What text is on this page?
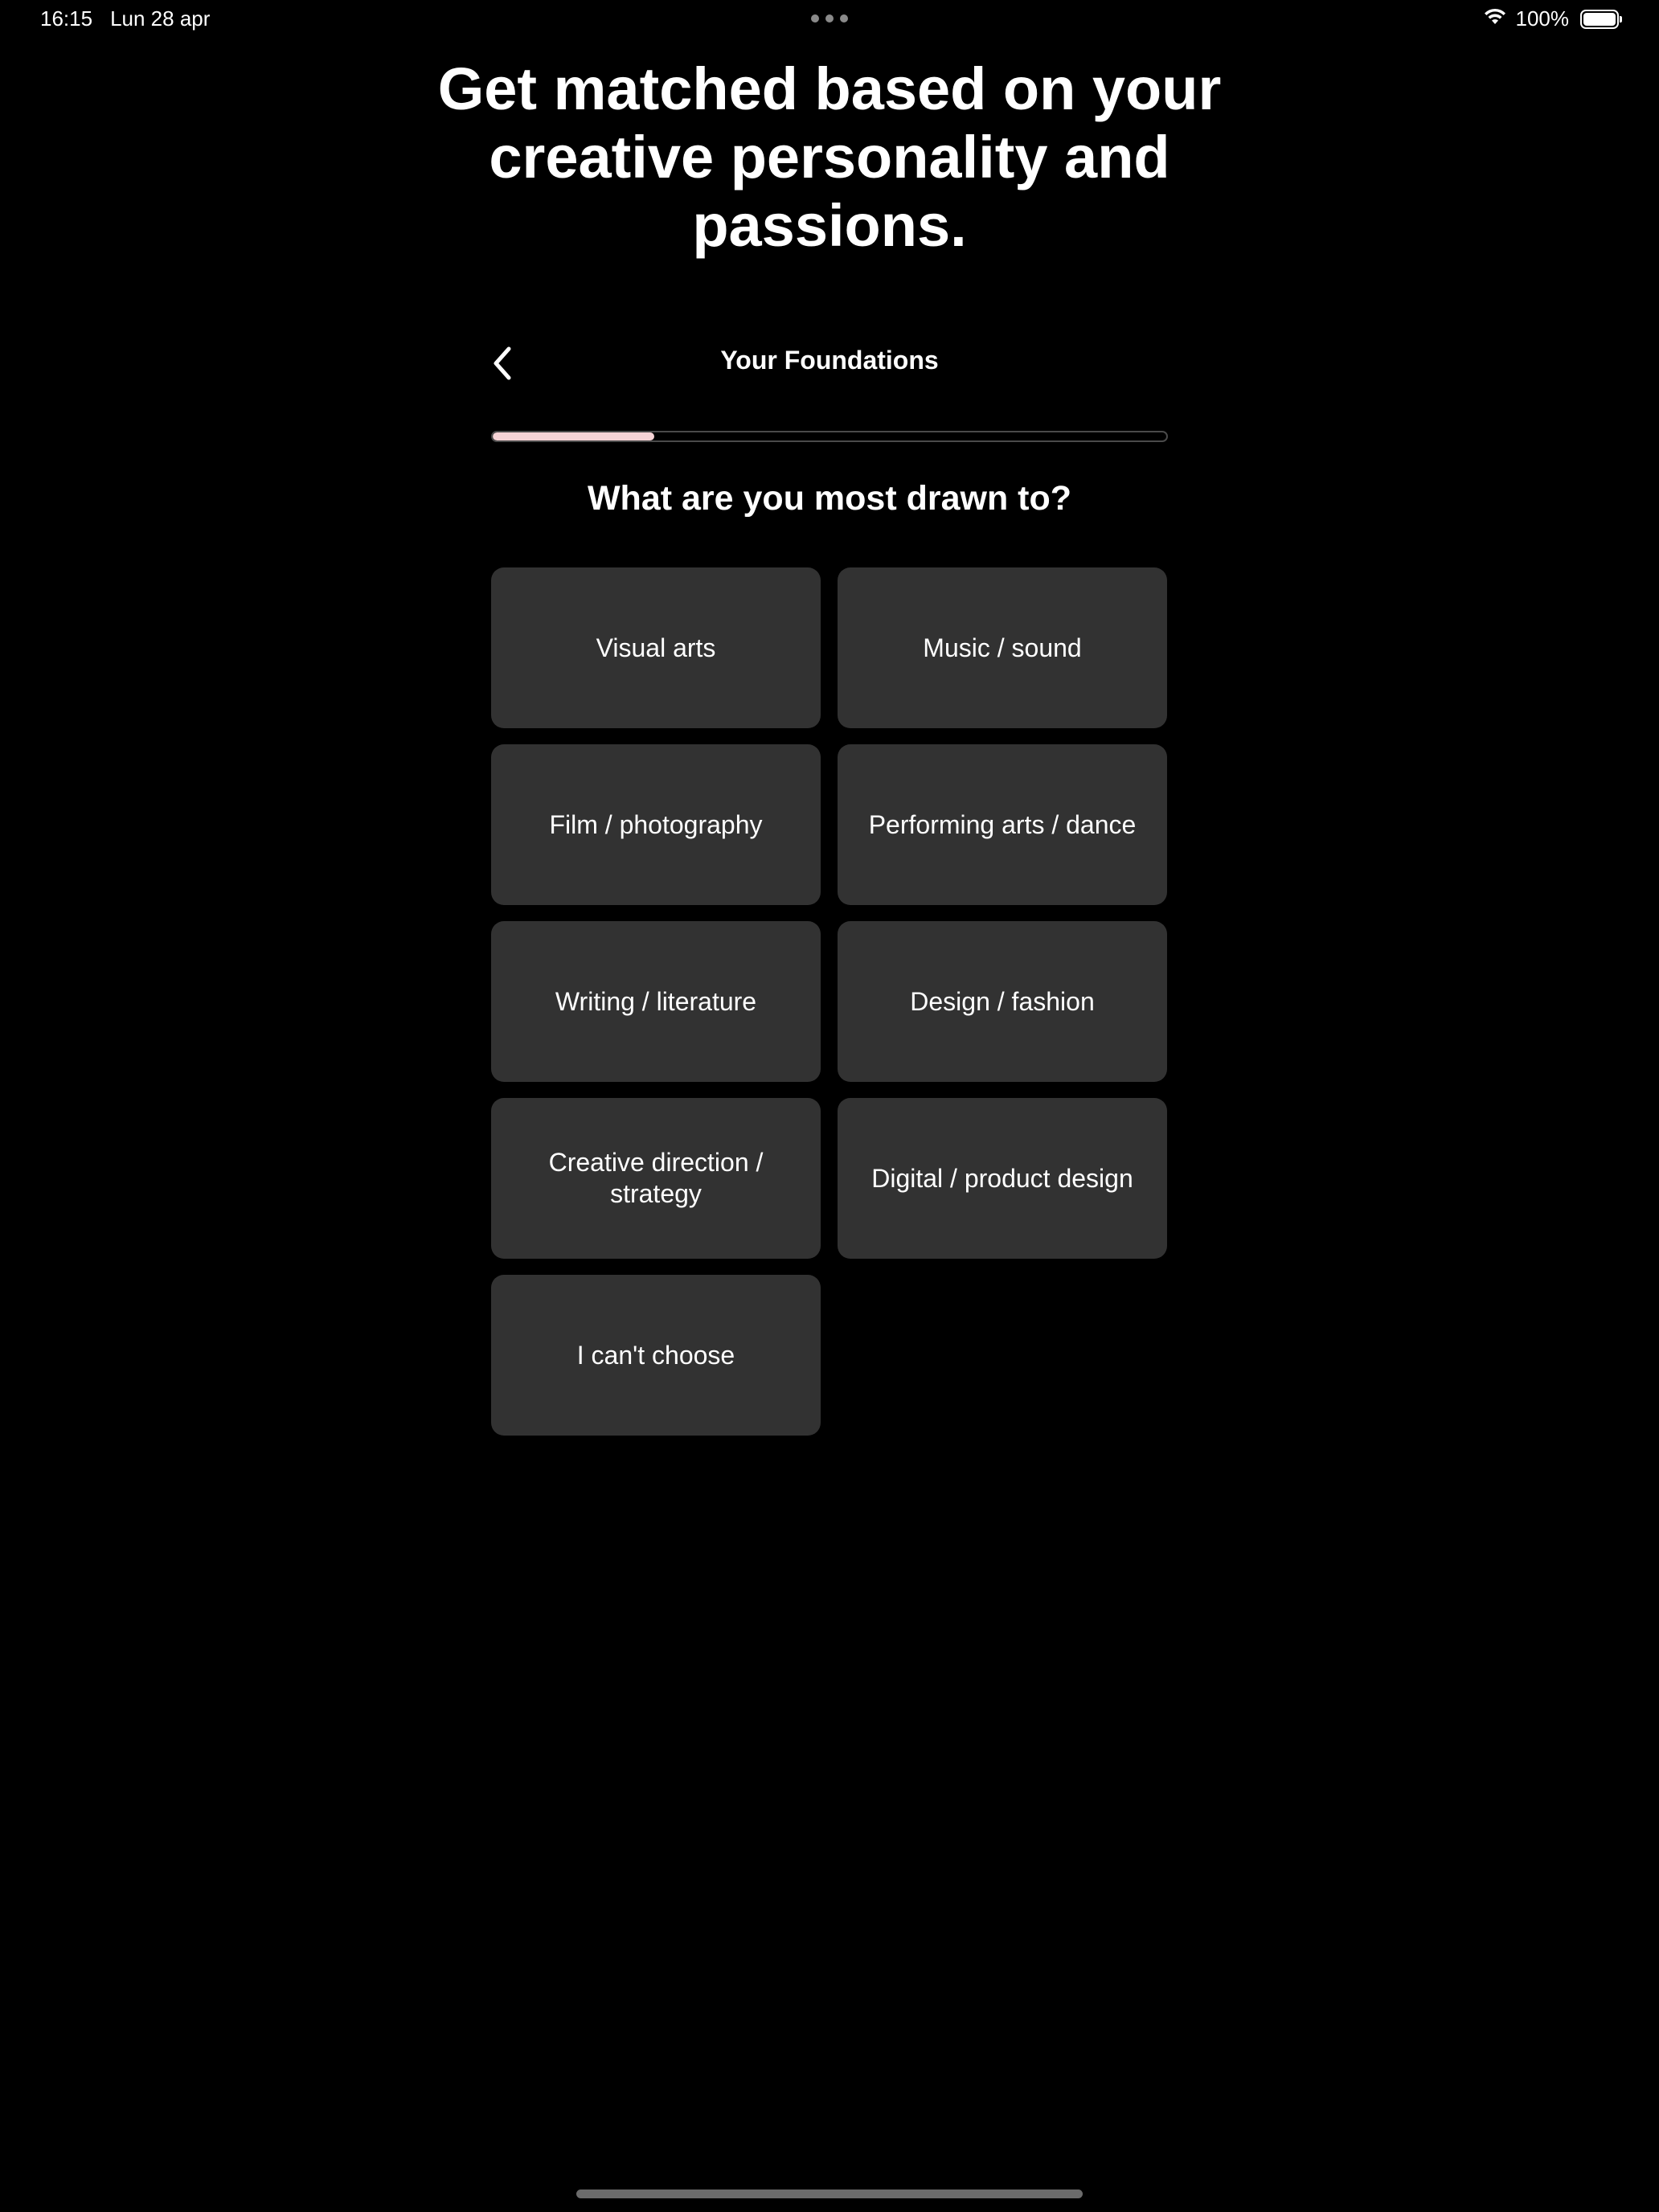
16:15 Lun 28 apr	100%
Get matched based on your creative personality and passions.
Your Foundations
What are you most drawn to?
Visual arts	Music / sound
Film / photography	Performing arts / dance
Writing / literature	Design / fashion
Creative direction / strategy
Digital / product design
I can't choose
